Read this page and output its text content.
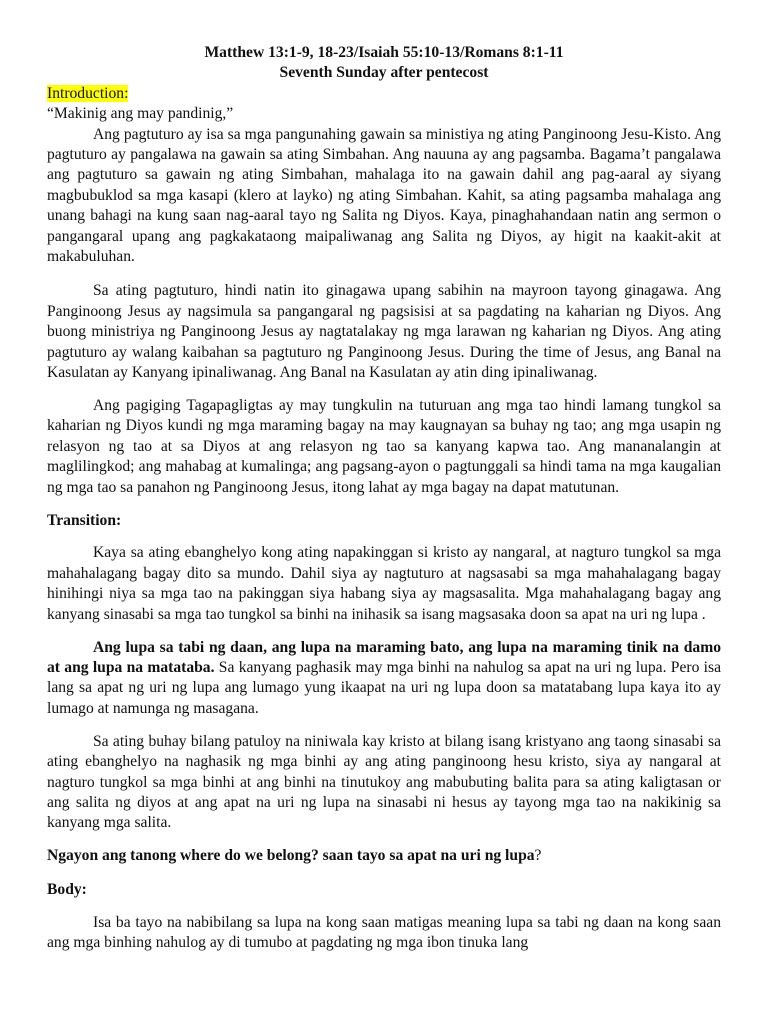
Matthew 13:1-9, 18-23/Isaiah 55:10-13/Romans 8:1-11

Seventh Sunday after pentecost

Introduction:

“Makinig ang may pandinig,”

Ang pagtuturo ay isa sa mga pangunahing gawain sa ministiya ng ating Panginoong Jesu-Kisto. Ang pagtuturo ay pangalawa na gawain sa ating Simbahan. Ang nauuna ay ang pagsamba. Bagama’t pangalawa ang pagtuturo sa gawain ng ating Simbahan, mahalaga ito na gawain dahil ang pag-aaral ay siyang magbubuklod sa mga kasapi (klero at layko) ng ating Simbahan. Kahit, sa ating pagsamba mahalaga ang unang bahagi na kung saan nag-aaral tayo ng Salita ng Diyos. Kaya, pinaghahandaan natin ang sermon o pangangaral upang ang pagkakataong maipaliwanag ang Salita ng Diyos, ay higit na kaakit-akit at makabuluhan.

Sa ating pagtuturo, hindi natin ito ginagawa upang sabihin na mayroon tayong ginagawa. Ang Panginoong Jesus ay nagsimula sa pangangaral ng pagsisisi at sa pagdating na kaharian ng Diyos. Ang buong ministriya ng Panginoong Jesus ay nagtatalakay ng mga larawan ng kaharian ng Diyos. Ang ating pagtuturo ay walang kaibahan sa pagtuturo ng Panginoong Jesus. During the time of Jesus, ang Banal na Kasulatan ay Kanyang ipinaliwanag. Ang Banal na Kasulatan ay atin ding ipinaliwanag.

Ang pagiging Tagapagligtas ay may tungkulin na tuturuan ang mga tao hindi lamang tungkol sa kaharian ng Diyos kundi ng mga maraming bagay na may kaugnayan sa buhay ng tao; ang mga usapin ng relasyon ng tao at sa Diyos at ang relasyon ng tao sa kanyang kapwa tao. Ang mananalangin at maglilingkod; ang mahabag at kumalinga; ang pagsang-ayon o pagtunggali sa hindi tama na mga kaugalian ng mga tao sa panahon ng Panginoong Jesus, itong lahat ay mga bagay na dapat matutunan.

Transition:

Kaya sa ating ebanghelyo kong ating napakinggan si kristo ay nangaral, at nagturo tungkol sa mga mahahalagang bagay dito sa mundo. Dahil siya ay nagtuturo at nagsasabi sa mga mahahalagang bagay hinihingi niya sa mga tao na pakinggan siya habang siya ay magsasalita. Mga mahahalagang bagay ang kanyang sinasabi sa mga tao tungkol sa binhi na inihasik sa isang magsasaka doon sa apat na uri ng lupa .

Ang lupa sa tabi ng daan, ang lupa na maraming bato, ang lupa na maraming tinik na damo at ang lupa na matataba. Sa kanyang paghasik may mga binhi na nahulog sa apat na uri ng lupa. Pero isa lang sa apat ng uri ng lupa ang lumago yung ikaapat na uri ng lupa doon sa matatabang lupa kaya ito ay lumago at namunga ng masagana.

Sa ating buhay bilang patuloy na niniwala kay kristo at bilang isang kristyano ang taong sinasabi sa ating ebanghelyo na naghasik ng mga binhi ay ang ating panginoong hesu kristo, siya ay nangaral at nagturo tungkol sa mga binhi at ang binhi na tinutukoy ang mabubuting balita para sa ating kaligtasan or ang salita ng diyos at ang apat na uri ng lupa na sinasabi ni hesus ay tayong mga tao na nakikinig sa kanyang mga salita.

Ngayon ang tanong where do we belong? saan tayo sa apat na uri ng lupa?

Body:

Isa ba tayo na nabibilang sa lupa na kong saan matigas meaning lupa sa tabi ng daan na kong saan ang mga binhing nahulog ay di tumubo at pagdating ng mga ibon tinuka lang
